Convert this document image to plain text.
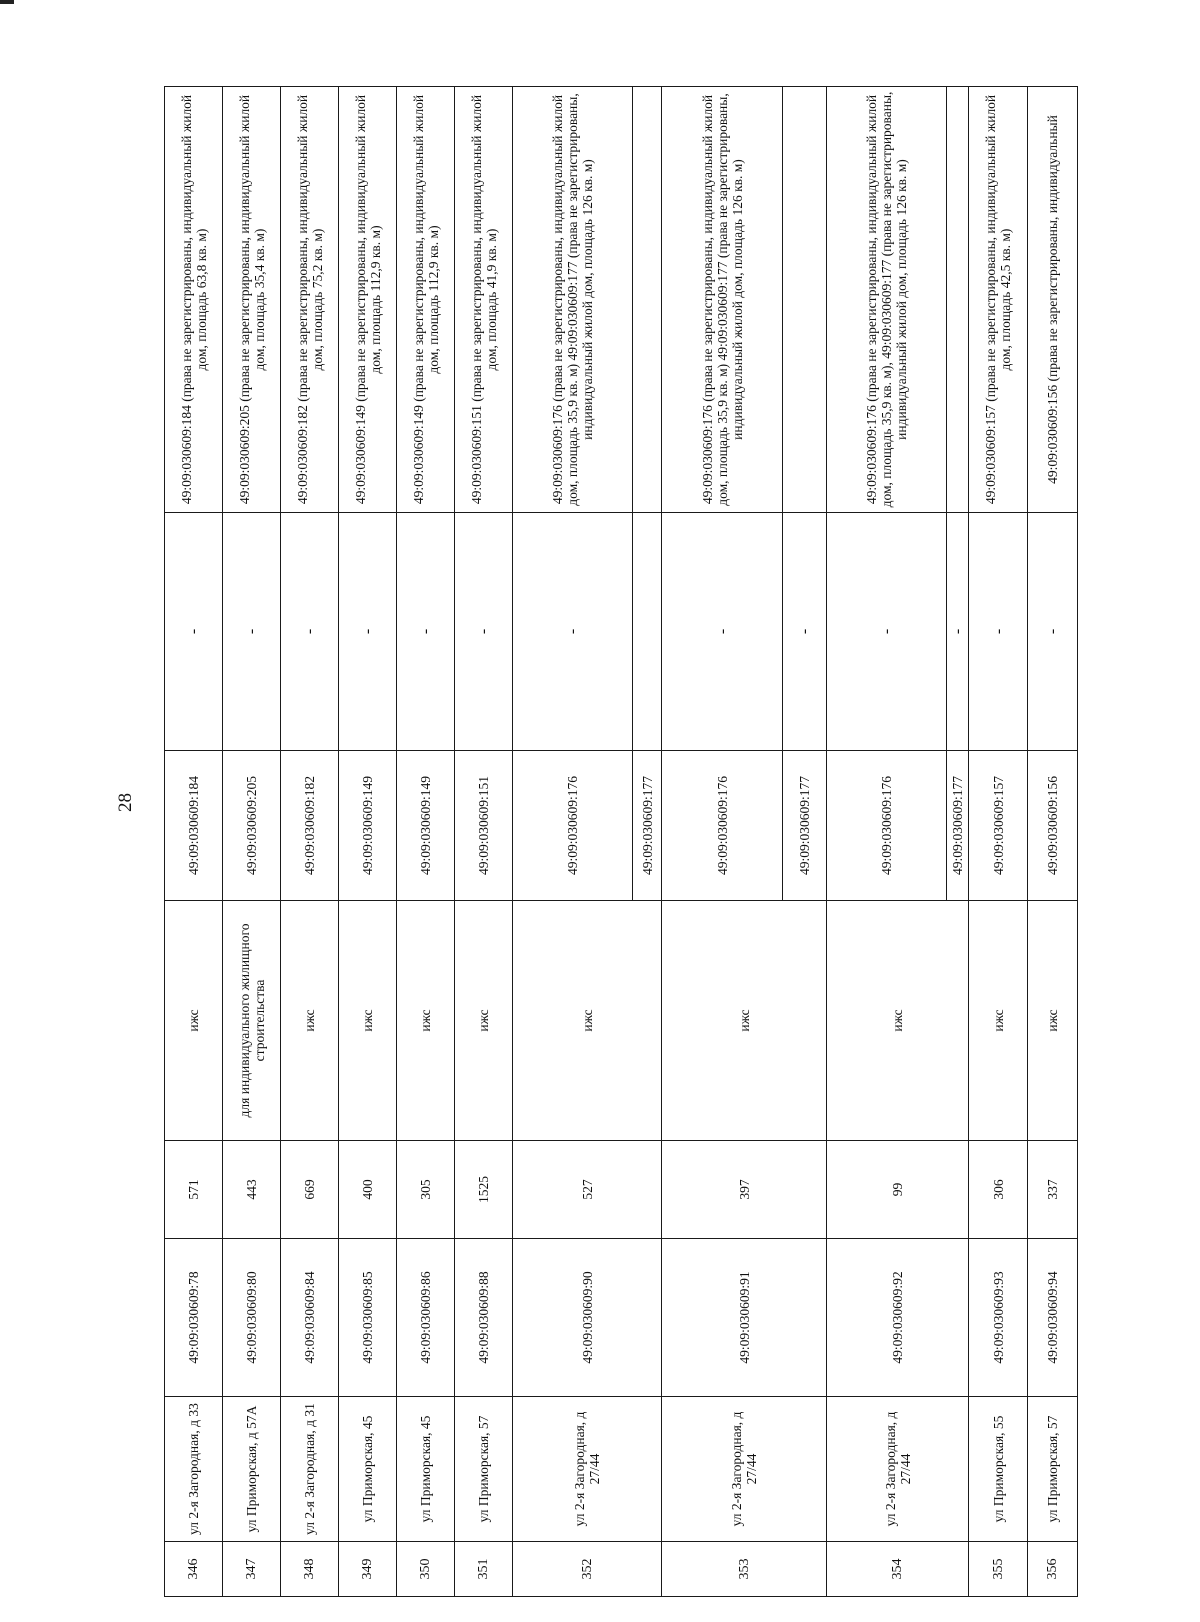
28
346	ул 2-я Загородная, д 33	49:09:030609:78	571	ижс	49:09:030609:184	-	49:09:030609:184 (права не зарегистрированы, индивидуальный жилой дом, площадь 63,8 кв. м)
347	ул Приморская, д 57А	49:09:030609:80	443	для индивидуального жилищного строительства	49:09:030609:205	-	49:09:030609:205 (права не зарегистрированы, индивидуальный жилой дом, площадь 35,4 кв. м)
348	ул 2-я Загородная, д 31	49:09:030609:84	669	ижс	49:09:030609:182	-	49:09:030609:182 (права не зарегистрированы, индивидуальный жилой дом, площадь 75,2 кв. м)
349	ул Приморская, 45	49:09:030609:85	400	ижс	49:09:030609:149	-	49:09:030609:149 (права не зарегистрированы, индивидуальный жилой дом, площадь 112,9 кв. м)
350	ул Приморская, 45	49:09:030609:86	305	ижс	49:09:030609:149	-	49:09:030609:149 (права не зарегистрированы, индивидуальный жилой дом, площадь 112,9 кв. м)
351	ул Приморская, 57	49:09:030609:88	1525	ижс	49:09:030609:151	-	49:09:030609:151 (права не зарегистрированы, индивидуальный жилой дом, площадь 41,9 кв. м)
352	ул 2-я Загородная, д 27/44	49:09:030609:90	527	ижс	49:09:030609:176	-	49:09:030609:176 (права не зарегистрированы, индивидуальный жилой дом, площадь 35,9 кв. м) 49:09:030609:177 (права не зарегистрированы, индивидуальный жилой дом, площадь 126 кв. м)
					49:09:030609:177		
353	ул 2-я Загородная, д 27/44	49:09:030609:91	397	ижс	49:09:030609:176	-	49:09:030609:176 (права не зарегистрированы, индивидуальный жилой дом, площадь 35,9 кв. м) 49:09:030609:177 (права не зарегистрированы, индивидуальный жилой дом, площадь 126 кв. м)
					49:09:030609:177	-	
354	ул 2-я Загородная, д 27/44	49:09:030609:92	99	ижс	49:09:030609:176	-	49:09:030609:176 (права не зарегистрированы, индивидуальный жилой дом, площадь 35,9 кв. м), 49:09:030609:177 (права не зарегистрированы, индивидуальный жилой дом, площадь 126 кв. м)
					49:09:030609:177	-	
355	ул Приморская, 55	49:09:030609:93	306	ижс	49:09:030609:157	-	49:09:030609:157 (права не зарегистрированы, индивидуальный жилой дом, площадь 42,5 кв. м)
356	ул Приморская, 57	49:09:030609:94	337	ижс	49:09:030609:156	-	49:09:030609:156 (права не зарегистрированы, индивидуальный
